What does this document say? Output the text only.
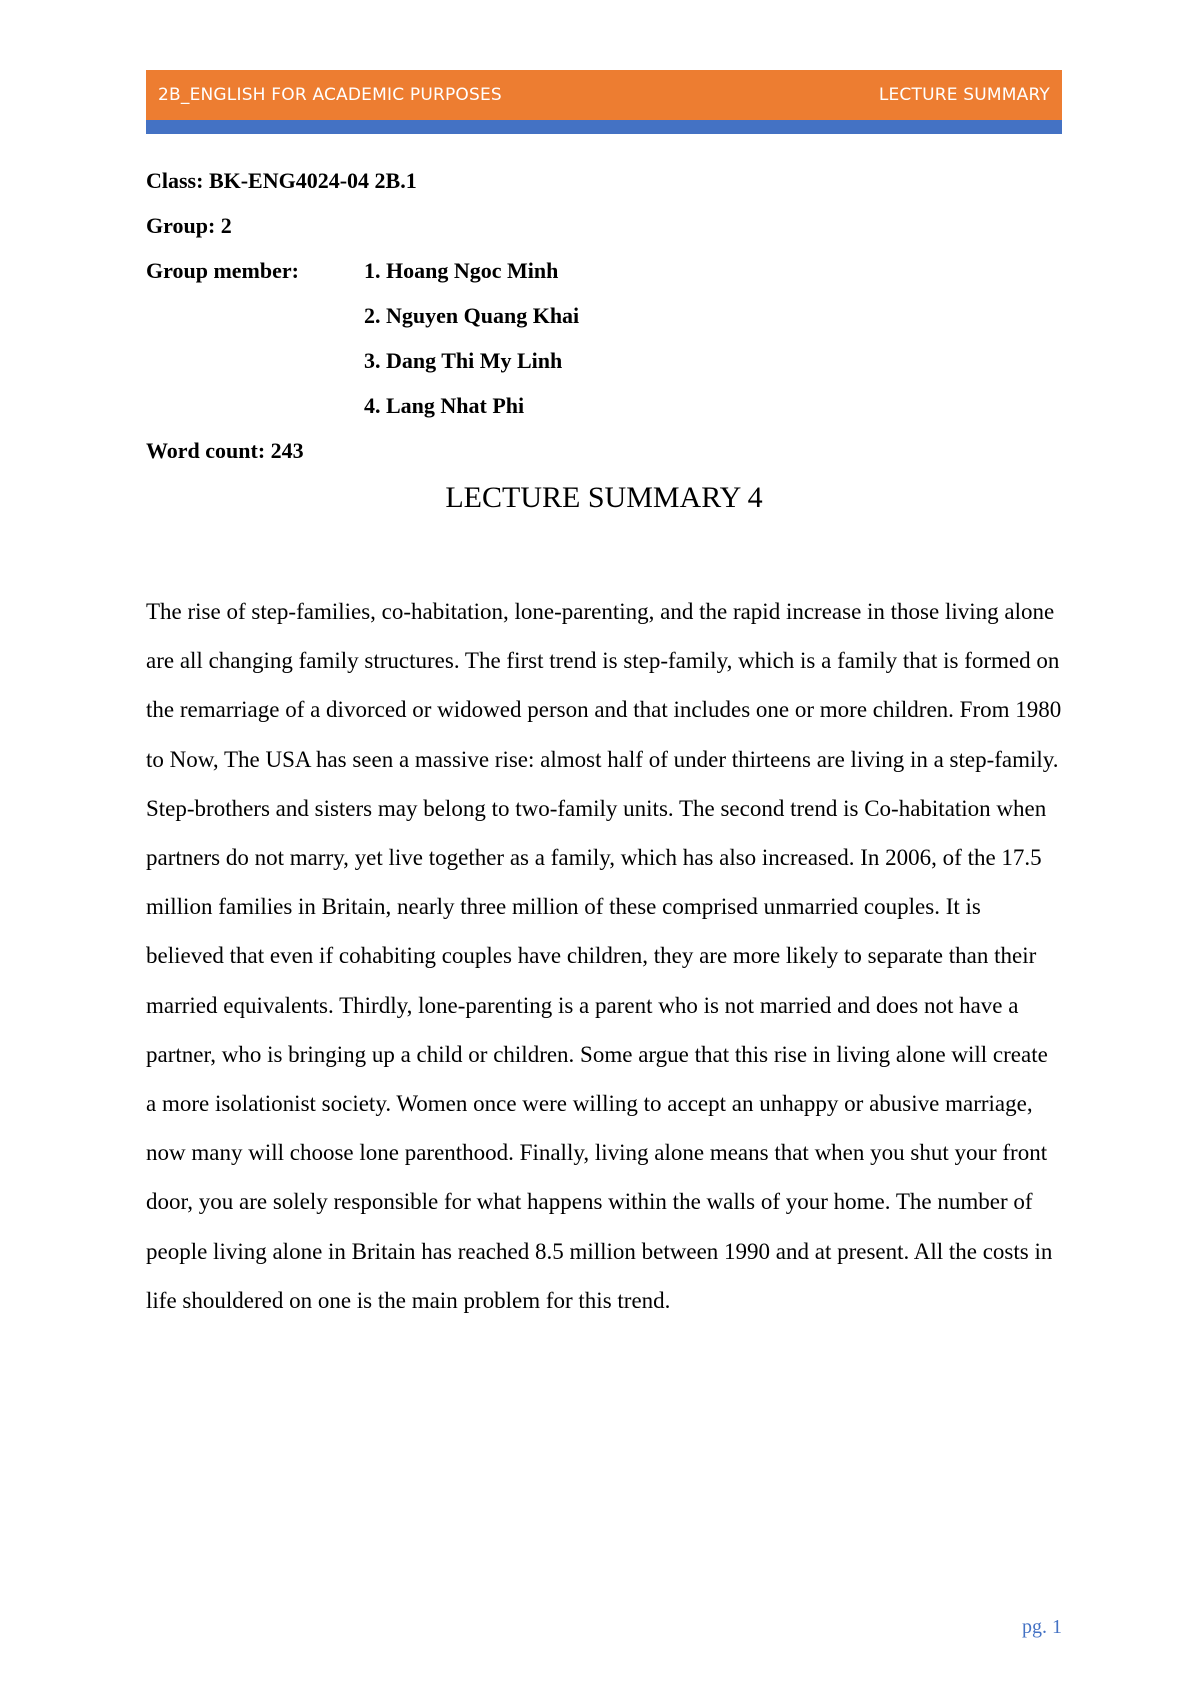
2B_ENGLISH FOR ACADEMIC PURPOSES	LECTURE SUMMARY
Class: BK-ENG4024-04 2B.1
Group: 2
Group member:	1. Hoang Ngoc Minh
2. Nguyen Quang Khai
3. Dang Thi My Linh
4. Lang Nhat Phi
Word count: 243
LECTURE SUMMARY 4

The rise of step-families, co-habitation, lone-parenting, and the rapid increase in those living alone are all changing family structures. The first trend is step-family, which is a family that is formed on the remarriage of a divorced or widowed person and that includes one or more children. From 1980 to Now, The USA has seen a massive rise: almost half of under thirteens are living in a step-family. Step-brothers and sisters may belong to two-family units. The second trend is Co-habitation when partners do not marry, yet live together as a family, which has also increased. In 2006, of the 17.5 million families in Britain, nearly three million of these comprised unmarried couples. It is believed that even if cohabiting couples have children, they are more likely to separate than their married equivalents. Thirdly, lone-parenting is a parent who is not married and does not have a partner, who is bringing up a child or children. Some argue that this rise in living alone will create a more isolationist society. Women once were willing to accept an unhappy or abusive marriage, now many will choose lone parenthood. Finally, living alone means that when you shut your front door, you are solely responsible for what happens within the walls of your home. The number of people living alone in Britain has reached 8.5 million between 1990 and at present. All the costs in life shouldered on one is the main problem for this trend.

pg. 1
